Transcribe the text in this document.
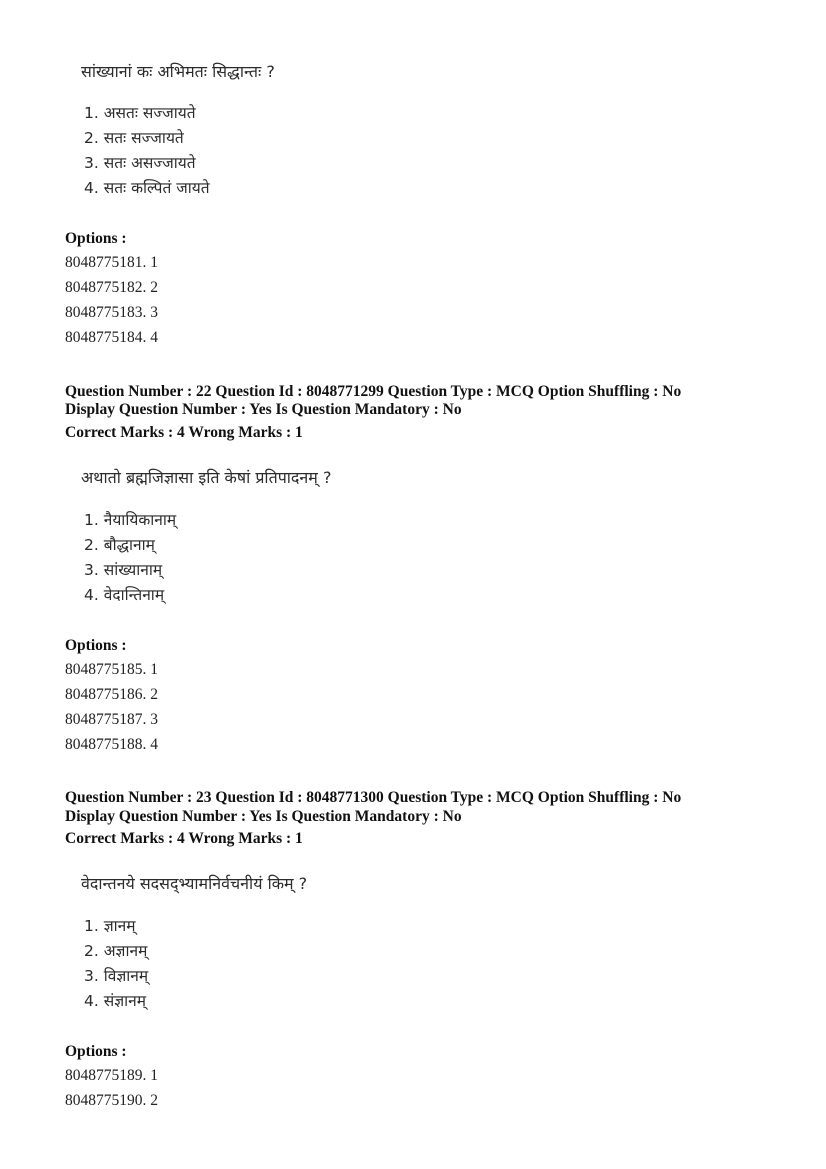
सांख्यानां कः अभिमतः सिद्धान्तः ?
1. असतः सज्जायते
2. सतः सज्जायते
3. सतः असज्जायते
4. सतः कल्पितं जायते
Options :
8048775181. 1
8048775182. 2
8048775183. 3
8048775184. 4
Question Number : 22 Question Id : 8048771299 Question Type : MCQ Option Shuffling : No
Display Question Number : Yes Is Question Mandatory : No
Correct Marks : 4 Wrong Marks : 1
अथातो ब्रह्मजिज्ञासा इति केषां प्रतिपादनम् ?
1. नैयायिकानाम्
2. बौद्धानाम्
3. सांख्यानाम्
4. वेदान्तिनाम्
Options :
8048775185. 1
8048775186. 2
8048775187. 3
8048775188. 4
Question Number : 23 Question Id : 8048771300 Question Type : MCQ Option Shuffling : No
Display Question Number : Yes Is Question Mandatory : No
Correct Marks : 4 Wrong Marks : 1
वेदान्तनये सदसद्भ्यामनिर्वचनीयं किम् ?
1. ज्ञानम्
2. अज्ञानम्
3. विज्ञानम्
4. संज्ञानम्
Options :
8048775189. 1
8048775190. 2
